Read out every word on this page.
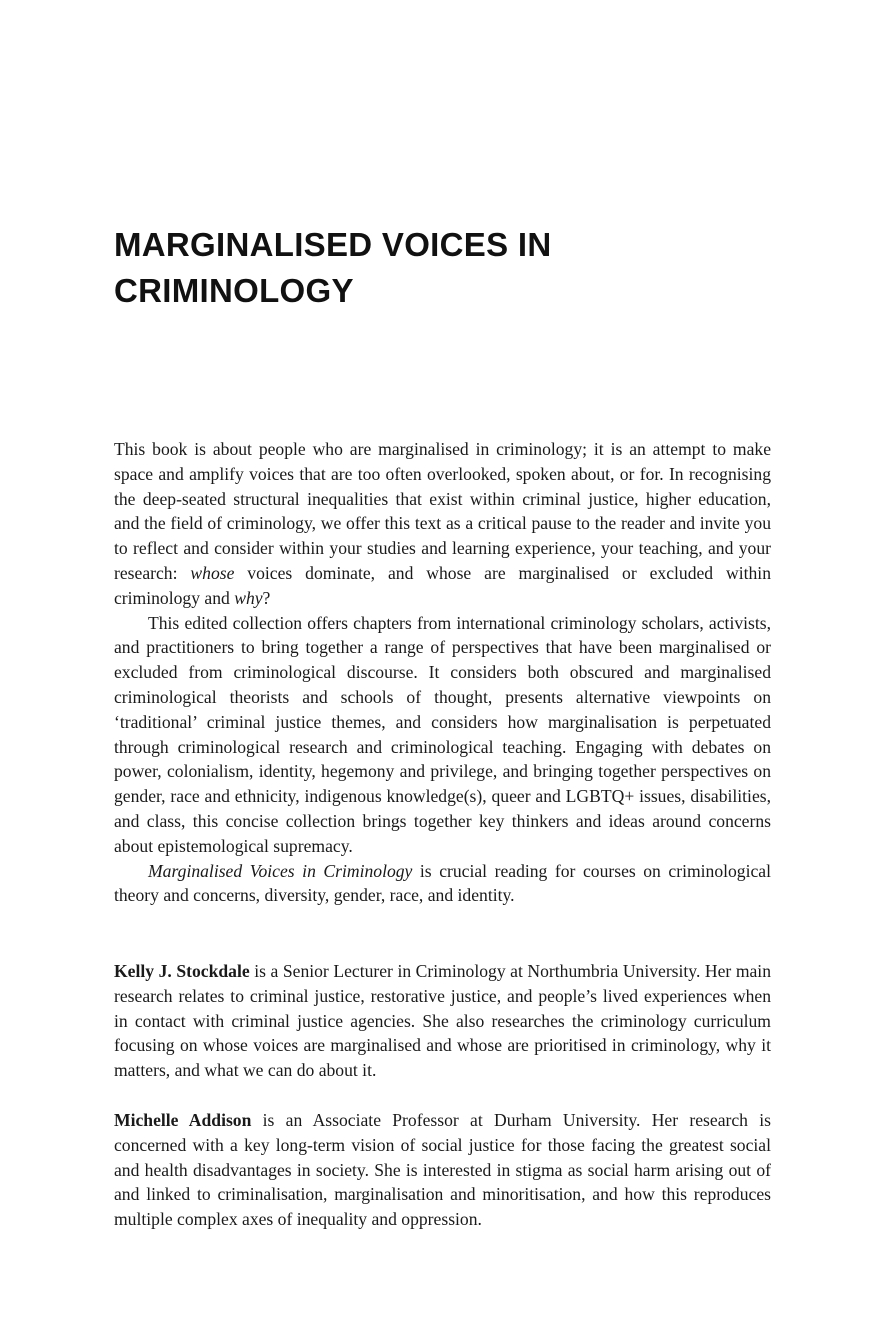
MARGINALISED VOICES IN
CRIMINOLOGY

This book is about people who are marginalised in criminology; it is an attempt to make space and amplify voices that are too often overlooked, spoken about, or for. In recognising the deep-seated structural inequalities that exist within criminal justice, higher education, and the field of criminology, we offer this text as a critical pause to the reader and invite you to reflect and consider within your studies and learning experience, your teaching, and your research: whose voices dominate, and whose are marginalised or excluded within criminology and why?

This edited collection offers chapters from international criminology scholars, activists, and practitioners to bring together a range of perspectives that have been marginalised or excluded from criminological discourse. It considers both obscured and marginalised criminological theorists and schools of thought, presents alternative viewpoints on ‘traditional’ criminal justice themes, and considers how marginalisation is perpetuated through criminological research and criminological teaching. Engaging with debates on power, colonialism, identity, hegemony and privilege, and bringing together perspectives on gender, race and ethnicity, indigenous knowledge(s), queer and LGBTQ+ issues, disabilities, and class, this concise collection brings together key thinkers and ideas around concerns about epistemological supremacy.

Marginalised Voices in Criminology is crucial reading for courses on criminological theory and concerns, diversity, gender, race, and identity.

Kelly J. Stockdale is a Senior Lecturer in Criminology at Northumbria University. Her main research relates to criminal justice, restorative justice, and people’s lived experiences when in contact with criminal justice agencies. She also researches the criminology curriculum focusing on whose voices are marginalised and whose are prioritised in criminology, why it matters, and what we can do about it.

Michelle Addison is an Associate Professor at Durham University. Her research is concerned with a key long-term vision of social justice for those facing the greatest social and health disadvantages in society. She is interested in stigma as social harm arising out of and linked to criminalisation, marginalisation and minoritisation, and how this reproduces multiple complex axes of inequality and oppression.
